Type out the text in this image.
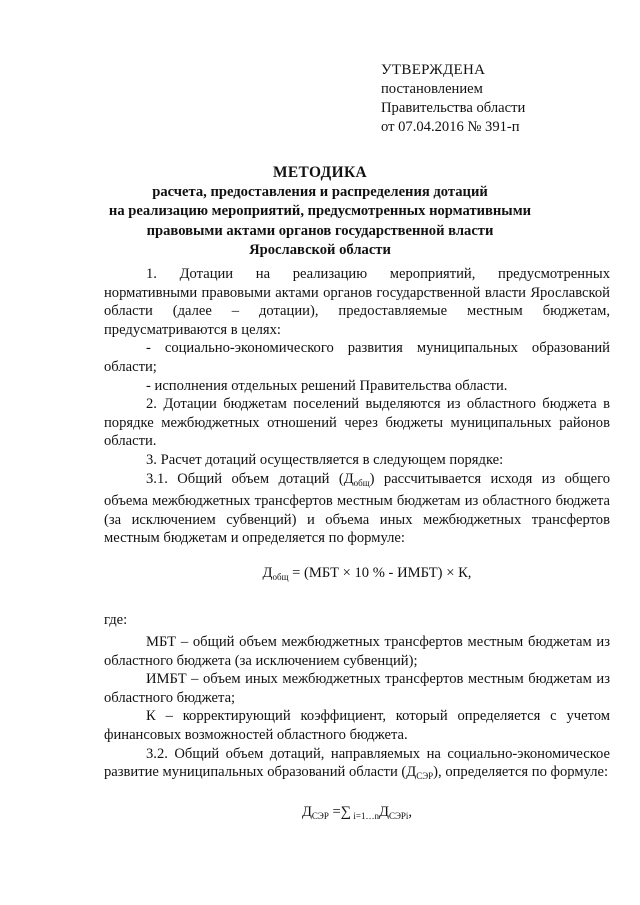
УТВЕРЖДЕНА
постановлением
Правительства области
от 07.04.2016 № 391-п
МЕТОДИКА
расчета, предоставления и распределения дотаций
на реализацию мероприятий, предусмотренных нормативными
правовыми актами органов государственной власти
Ярославской области

1. Дотации на реализацию мероприятий, предусмотренных нормативными правовыми актами органов государственной власти Ярославской области (далее – дотации), предоставляемые местным бюджетам, предусматриваются в целях:

- социально-экономического развития муниципальных образований области;

- исполнения отдельных решений Правительства области.

2. Дотации бюджетам поселений выделяются из областного бюджета в порядке межбюджетных отношений через бюджеты муниципальных районов области.

3. Расчет дотаций осуществляется в следующем порядке:

3.1. Общий объем дотаций $(Д_{общ})$ рассчитывается исходя из общего объема межбюджетных трансфертов местным бюджетам из областного бюджета (за исключением субвенций) и объема иных межбюджетных трансфертов местным бюджетам и определяется по формуле:

$Д_{общ} = (МБТ \times 10$ % - ИМБТ) × К,

где:

МБТ – общий объем межбюджетных трансфертов местным бюджетам из областного бюджета (за исключением субвенций);

ИМБТ – объем иных межбюджетных трансфертов местным бюджетам из областного бюджета;

К – корректирующий коэффициент, который определяется с учетом финансовых возможностей областного бюджета.

3.2. Общий объем дотаций, направляемых на социально-экономическое развитие муниципальных образований области $(Д_{СЭР})$, определяется по формуле:

$Д_{СЭР}$ =∑ $_{i=1\dots n}Д_{СЭРi}$,
